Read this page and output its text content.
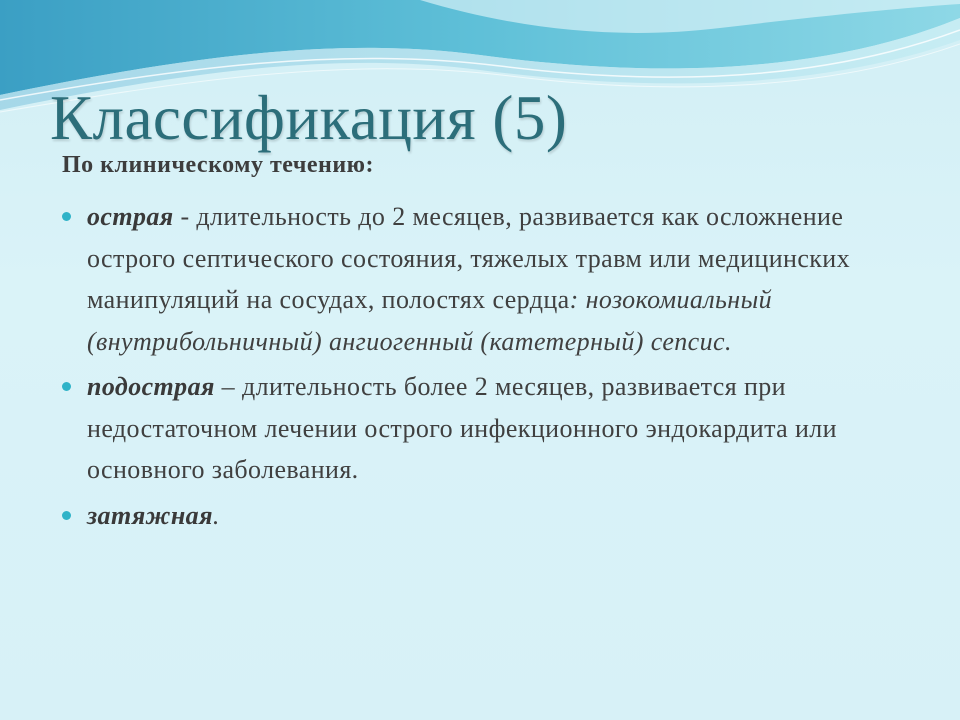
Классификация (5)
По клиническому течению:
острая - длительность до 2 месяцев, развивается как осложнение острого септического состояния, тяжелых травм или медицинских манипуляций на сосудах, полостях сердца: нозокомиальный (внутрибольничный) ангиогенный (катетерный) сепсис.
подострая – длительность более 2 месяцев, развивается при недостаточном лечении острого инфекционного эндокардита или основного заболевания.
затяжная.
